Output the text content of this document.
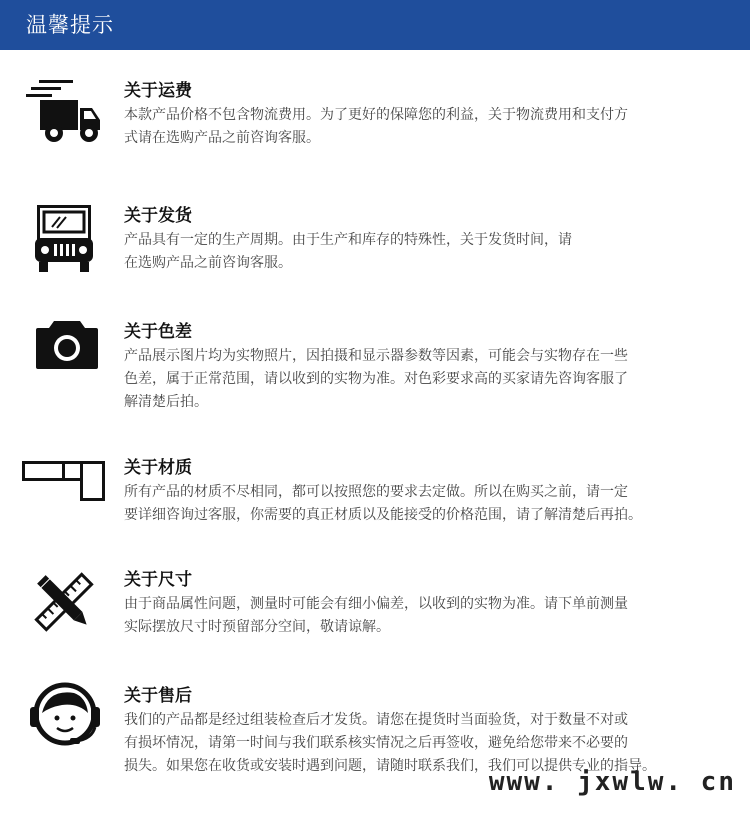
温馨提示
关于运费
本款产品价格不包含物流费用。为了更好的保障您的利益，关于物流费用和支付方
式请在选购产品之前咨询客服。
关于发货
产品具有一定的生产周期。由于生产和库存的特殊性，关于发货时间，请
在选购产品之前咨询客服。
关于色差
产品展示图片均为实物照片，因拍摄和显示器参数等因素，可能会与实物存在一些
色差，属于正常范围，请以收到的实物为准。对色彩要求高的买家请先咨询客服了
解清楚后拍。
关于材质
所有产品的材质不尽相同，都可以按照您的要求去定做。所以在购买之前，请一定
要详细咨询过客服，你需要的真正材质以及能接受的价格范围，请了解清楚后再拍。
关于尺寸
由于商品属性问题，测量时可能会有细小偏差，以收到的实物为准。请下单前测量
实际摆放尺寸时预留部分空间，敬请谅解。
关于售后
我们的产品都是经过组装检查后才发货。请您在提货时当面验货，对于数量不对或
有损坏情况，请第一时间与我们联系核实情况之后再签收，避免给您带来不必要的
损失。如果您在收货或安装时遇到问题，请随时联系我们，我们可以提供专业的指导。
www. jxwlw. cn
